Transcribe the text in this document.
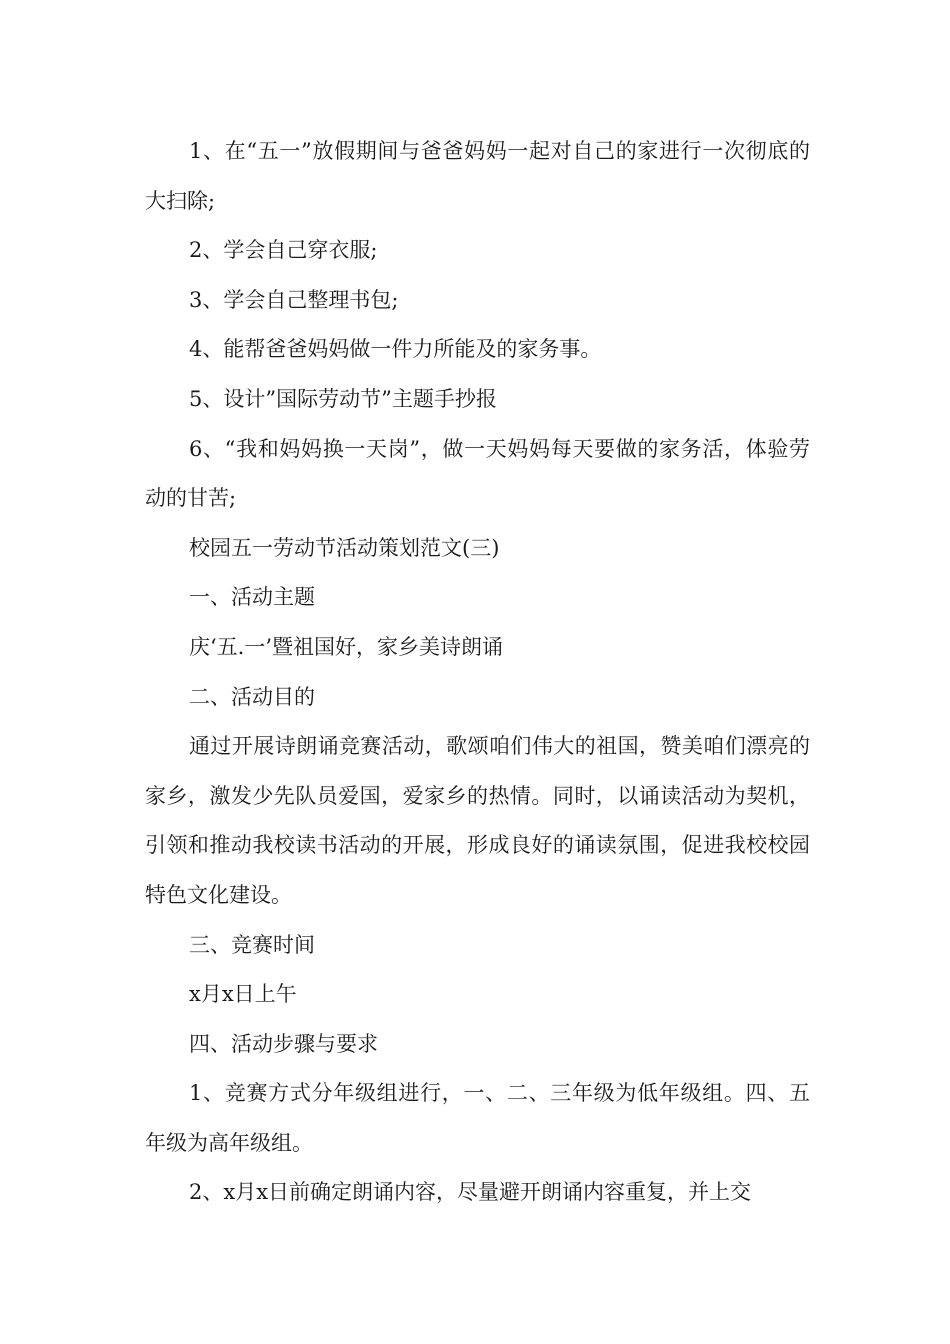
1、在“五一”放假期间与爸爸妈妈一起对自己的家进行一次彻底的大扫除;

2、学会自己穿衣服;

3、学会自己整理书包;

4、能帮爸爸妈妈做一件力所能及的家务事。

5、设计”国际劳动节”主题手抄报

6、“我和妈妈换一天岗”，做一天妈妈每天要做的家务活，体验劳动的甘苦;

校园五一劳动节活动策划范文(三)

一、活动主题

庆‘五.一’暨祖国好，家乡美诗朗诵

二、活动目的

通过开展诗朗诵竞赛活动，歌颂咱们伟大的祖国，赞美咱们漂亮的家乡，激发少先队员爱国，爱家乡的热情。同时，以诵读活动为契机，引领和推动我校读书活动的开展，形成良好的诵读氛围，促进我校校园特色文化建设。

三、竞赛时间

x月x日上午

四、活动步骤与要求

1、竞赛方式分年级组进行，一、二、三年级为低年级组。四、五年级为高年级组。

2、x月x日前确定朗诵内容，尽量避开朗诵内容重复，并上交
